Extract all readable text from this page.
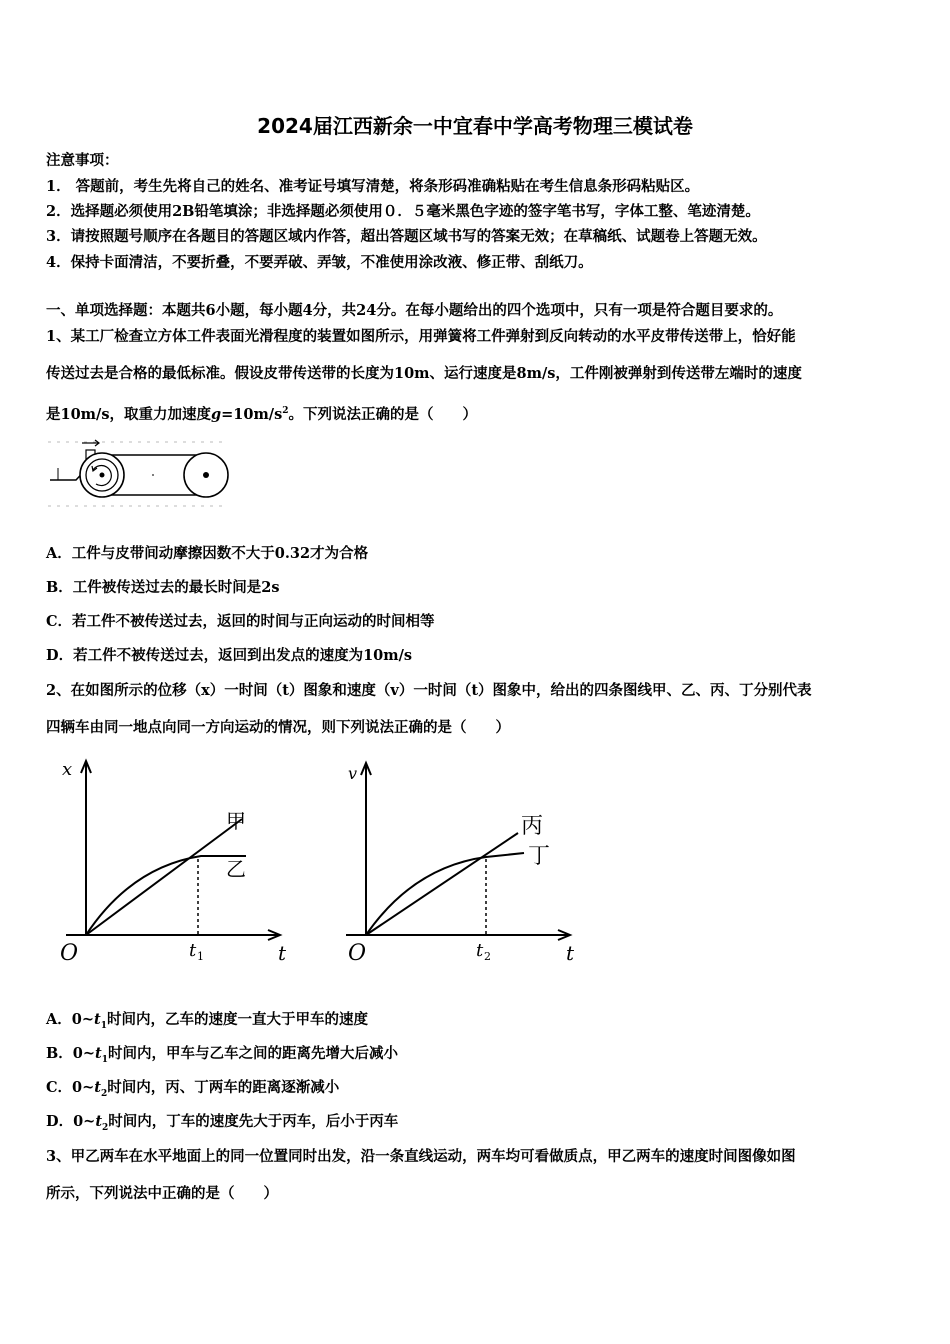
2024届江西新余一中宜春中学高考物理三模试卷
注意事项：
1． 答题前，考生先将自己的姓名、准考证号填写清楚，将条形码准确粘贴在考生信息条形码粘贴区。
2．选择题必须使用2B铅笔填涂；非选择题必须使用０．５毫米黑色字迹的签字笔书写，字体工整、笔迹清楚。
3．请按照题号顺序在各题目的答题区域内作答，超出答题区域书写的答案无效；在草稿纸、试题卷上答题无效。
4．保持卡面清洁，不要折叠，不要弄破、弄皱，不准使用涂改液、修正带、刮纸刀。
一、单项选择题：本题共6小题，每小题4分，共24分。在每小题给出的四个选项中，只有一项是符合题目要求的。
1、某工厂检查立方体工件表面光滑程度的装置如图所示，用弹簧将工件弹射到反向转动的水平皮带传送带上，恰好能
传送过去是合格的最低标准。假设皮带传送带的长度为10m、运行速度是8m/s，工件刚被弹射到传送带左端时的速度
是10m/s，取重力加速度$g=10m/s^2$。下列说法正确的是（　　）
A．工件与皮带间动摩擦因数不大于0.32才为合格
B．工件被传送过去的最长时间是2s
C．若工件不被传送过去，返回的时间与正向运动的时间相等
D．若工件不被传送过去，返回到出发点的速度为10m/s
2、在如图所示的位移（x）一时间（t）图象和速度（v）一时间（t）图象中，给出的四条图线甲、乙、丙、丁分别代表
四辆车由同一地点向同一方向运动的情况，则下列说法正确的是（　　）
x
O	t
t 1
甲
乙
v
O	t
t 2
丙
丁
A．$0\sim t_1$时间内，乙车的速度一直大于甲车的速度
B．$0\sim t_1$时间内，甲车与乙车之间的距离先增大后减小
C．$0\sim t_2$时间内，丙、丁两车的距离逐渐减小
D．$0\sim t_2$时间内，丁车的速度先大于丙车，后小于丙车
3、甲乙两车在水平地面上的同一位置同时出发，沿一条直线运动，两车均可看做质点，甲乙两车的速度时间图像如图
所示，下列说法中正确的是（　　）
